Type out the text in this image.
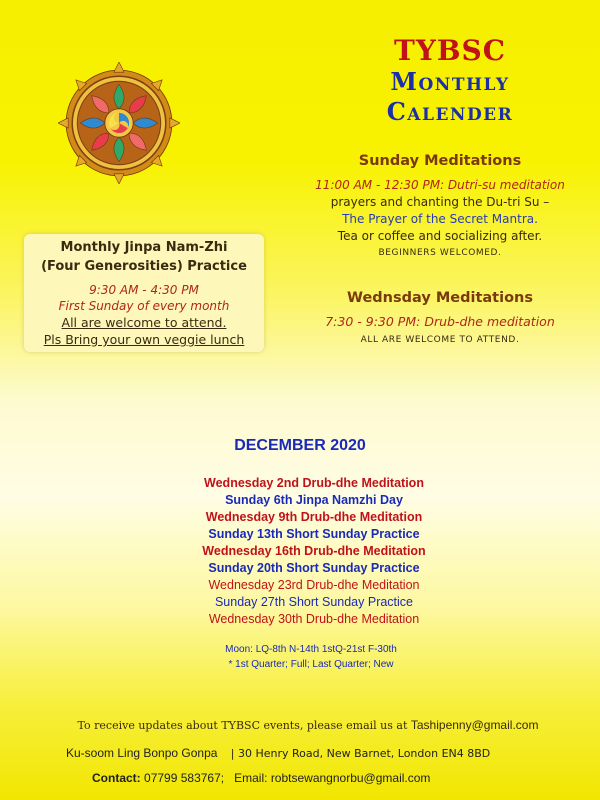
TYBSC
Monthly
Calender
Sunday Meditations
11:00 AM - 12:30 PM: Dutri-su meditation
prayers and chanting the Du-tri Su –
The Prayer of the Secret Mantra.
Tea or coffee and socializing after.
BEGINNERS WELCOMED.
Wednsday Meditations
7:30 - 9:30 PM: Drub-dhe meditation
ALL ARE WELCOME TO ATTEND.
Monthly Jinpa Nam-Zhi
(Four Generosities) Practice
9:30 AM - 4:30 PM
First Sunday of every month
All are welcome to attend.
Pls Bring your own veggie lunch
DECEMBER 2020
Wednesday 2nd Drub-dhe Meditation
Sunday 6th Jinpa Namzhi Day
Wednesday 9th Drub-dhe Meditation
Sunday 13th Short Sunday Practice
Wednesday 16th Drub-dhe Meditation
Sunday 20th Short Sunday Practice
Wednesday 23rd Drub-dhe Meditation
Sunday 27th Short Sunday Practice
Wednesday 30th Drub-dhe Meditation
Moon: LQ-8th N-14th 1stQ-21st F-30th
* 1st Quarter; Full; Last Quarter; New
To receive updates about TYBSC events, please email us at Tashipenny@gmail.com
Ku-soom Ling Bonpo Gonpa | 30 Henry Road, New Barnet, London EN4 8BD
Contact: 07799 583767; Email: robtsewangnorbu@gmail.com
